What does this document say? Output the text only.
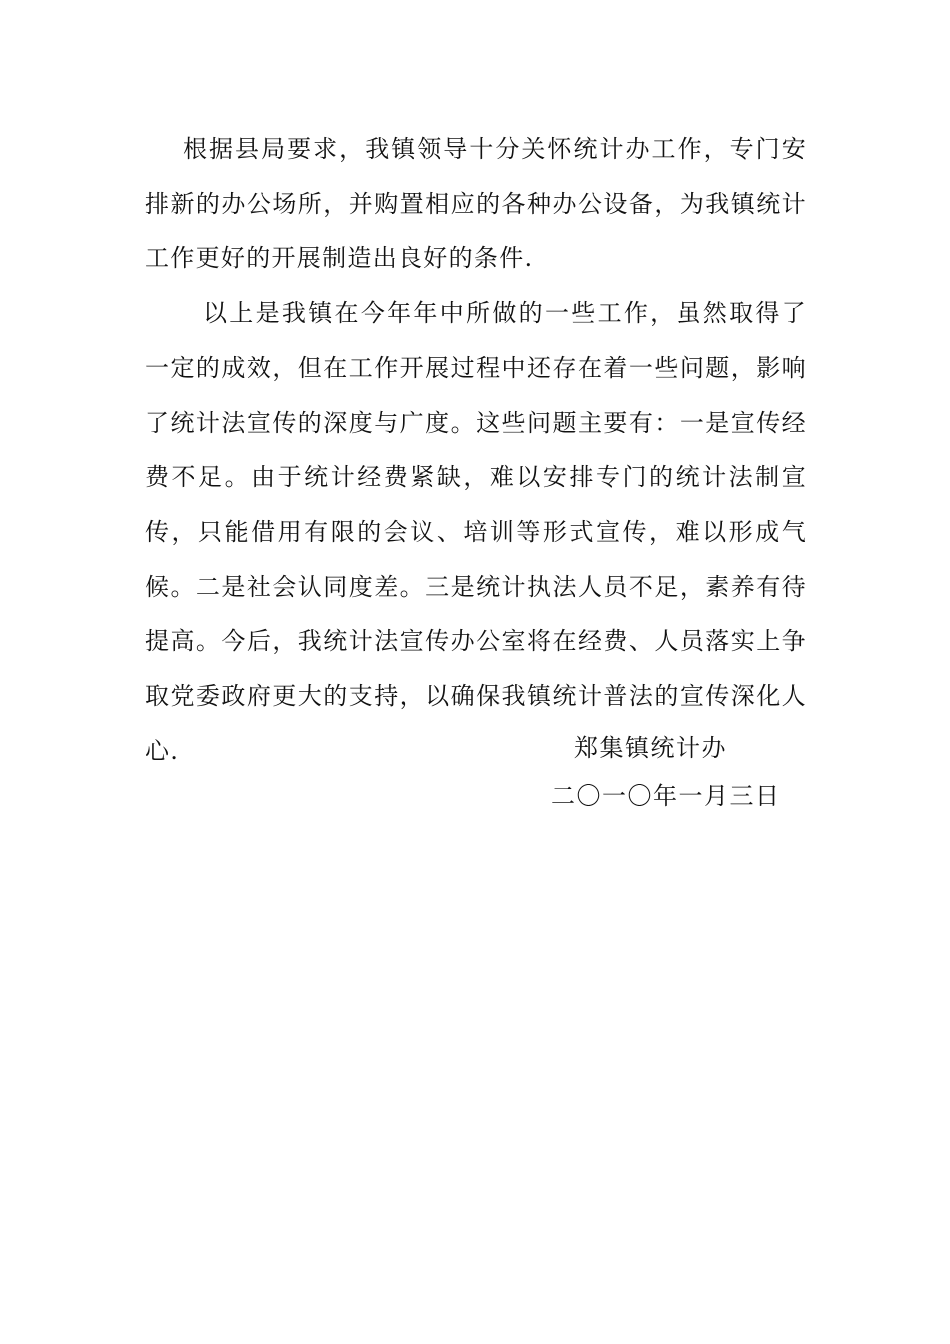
根据县局要求，我镇领导十分关怀统计办工作，专门安排新的办公场所，并购置相应的各种办公设备，为我镇统计工作更好的开展制造出良好的条件.

以上是我镇在今年年中所做的一些工作，虽然取得了一定的成效，但在工作开展过程中还存在着一些问题，影响了统计法宣传的深度与广度。这些问题主要有：一是宣传经费不足。由于统计经费紧缺，难以安排专门的统计法制宣传，只能借用有限的会议、培训等形式宣传，难以形成气候。二是社会认同度差。三是统计执法人员不足，素养有待提高。今后，我统计法宣传办公室将在经费、人员落实上争取党委政府更大的支持，以确保我镇统计普法的宣传深化人心.	郑集镇统计办
二〇一〇年一月三日
